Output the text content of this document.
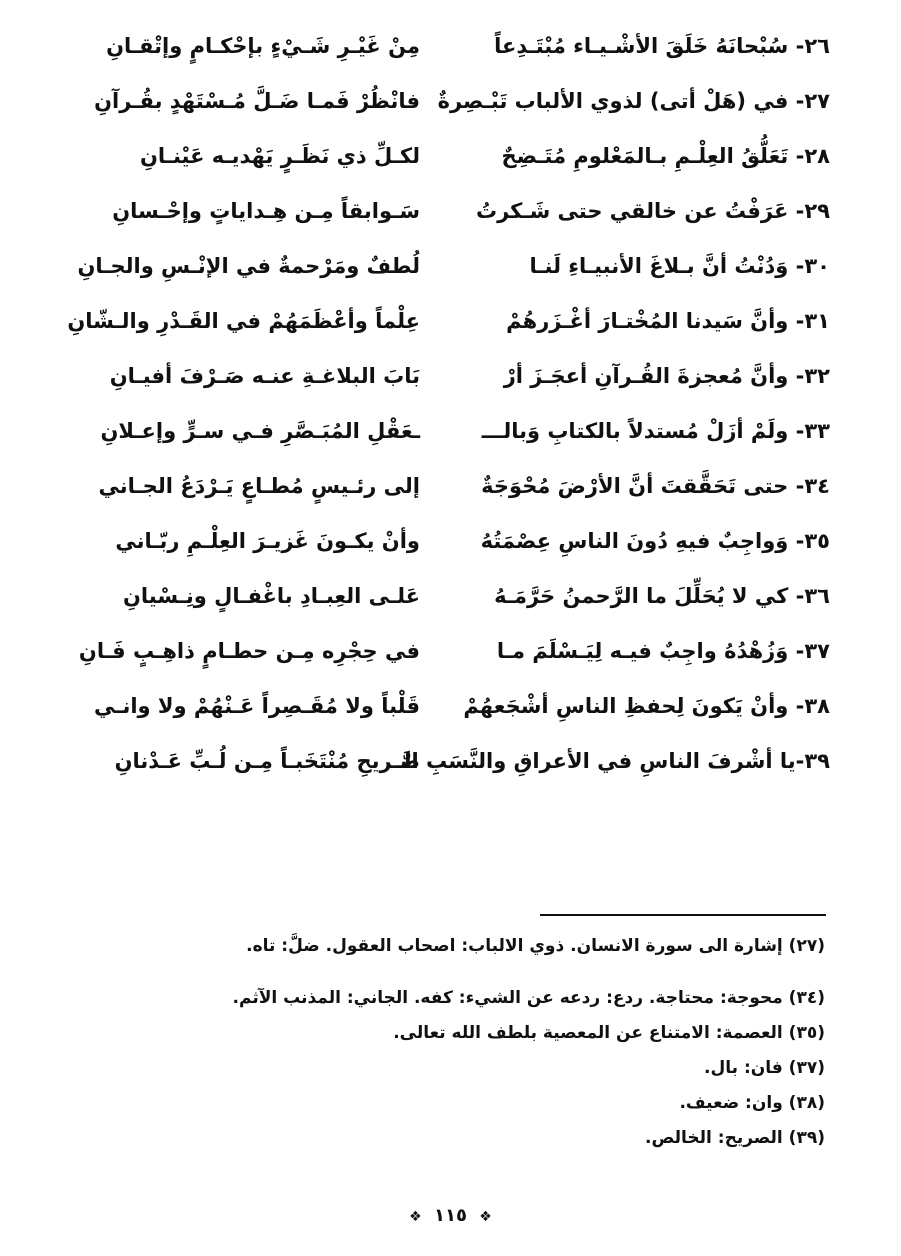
٢٦- سُبْحانَهُ خَلَقَ الأشْـيـاء مُبْتَـدِعاً
مِنْ غَيْـرِ شَـيْءٍ بإحْكـامٍ وإتْقـانِ
٢٧- في (هَلْ أتى) لذوي الألباب تَبْـصِرةٌ
فانْظُرْ فَمـا ضَـلَّ مُـسْتَهْدٍ بقُـرآنِ
٢٨- تَعَلُّقُ العِلْـمِ بـالمَعْلومِ مُتَـضِحٌ
لكـلِّ ذي نَظَـرٍ يَهْديـه عَيْنـانِ
٢٩- عَرَفْتُ عن خالقي حتى شَـكرتُ
سَـوابقاً مِـن هِـداياتٍ وإحْـسانِ
٣٠- وَدُنْتُ أنَّ بـلاغَ الأنبيـاءِ لَنـا
لُطفٌ ومَرْحمةٌ في الإنْـسِ والجـانِ
٣١- وأنَّ سَيدنا المُخْتـارَ أغْـزَرهُمْ
عِلْماً وأعْظَمَهُمْ في القَـدْرِ والـشّانِ
٣٢- وأنَّ مُعجزةَ القُـرآنِ أعجَـزَ أرْ
بَابَ البلاغـةِ عنـه صَـرْفَ أفيـانِ
٣٣- ولَمْ أزَلْ مُستدلاً بالكتابِ وَبالـــ
ـعَقْلِ المُبَـصَّرِ فـي سـرٍّ وإعـلانِ
٣٤- حتى تَحَقَّقتَ أنَّ الأرْضَ مُحْوَجَةٌ
إلى رئـيسٍ مُطـاعٍ يَـرْدَعُ الجـاني
٣٥- وَواجِبٌ فيهِ دُونَ الناسِ عِصْمَتُهُ
وأنْ يكـونَ غَزيـرَ العِلْـمِ ربّـاني
٣٦- كي لا يُحَلِّلَ ما الرَّحمنُ حَرَّمَـهُ
عَلـى العِبـادِ باغْفـالٍ ونِـسْيانِ
٣٧- وَزُهْدُهُ واجِبٌ فيـه لِيَـسْلَمَ مـا
في حِجْرِه مِـن حطـامٍ ذاهِـبٍ فَـانِ
٣٨- وأنْ يَكونَ لِحفظِ الناسِ أشْجَعهُمْ
قَلْباً ولا مُقَـصِراً عَـنْهُمْ ولا وانـي
٣٩-يا أشْرفَ الناسِ في الأعراقِ والنَّسَبِ الـ
صَّـريحِ مُنْتَخَبـاً مِـن لُـبِّ عَـدْنانِ

(٢٧) إشارة الى سورة الانسان. ذوي الالباب: اصحاب العقول. ضلَّ: تاه.

(٣٤) محوجة: محتاجة. ردع: ردعه عن الشيء: كفه. الجاني: المذنب الآثم.

(٣٥) العصمة: الامتناع عن المعصية بلطف الله تعالى.

(٣٧) فان: بال.

(٣٨) وان: ضعيف.

(٣٩) الصريح: الخالص.

❖ ١١٥ ❖
